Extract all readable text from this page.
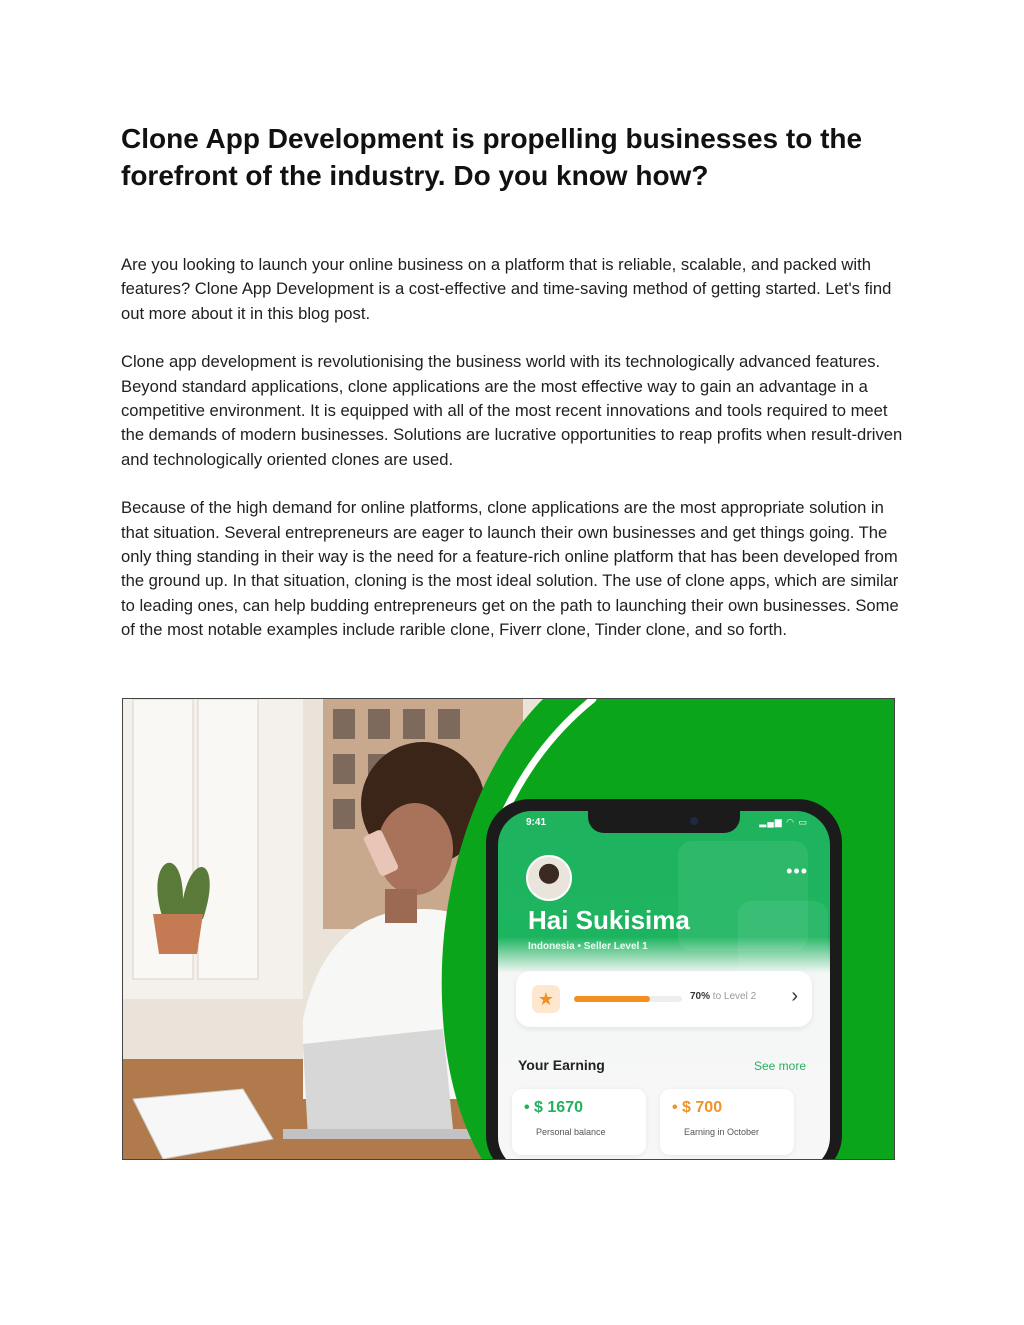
Clone App Development is propelling businesses to the forefront of the industry. Do you know how?

Are you looking to launch your online business on a platform that is reliable, scalable, and packed with features? Clone App Development is a cost-effective and time-saving method of getting started. Let's find out more about it in this blog post.

Clone app development is revolutionising the business world with its technologically advanced features. Beyond standard applications, clone applications are the most effective way to gain an advantage in a competitive environment. It is equipped with all of the most recent innovations and tools required to meet the demands of modern businesses. Solutions are lucrative opportunities to reap profits when result-driven and technologically oriented clones are used.

Because of the high demand for online platforms, clone applications are the most appropriate solution in that situation. Several entrepreneurs are eager to launch their own businesses and get things going. The only thing standing in their way is the need for a feature-rich online platform that has been developed from the ground up. In that situation, cloning is the most ideal solution. The use of clone apps, which are similar to leading ones, can help budding entrepreneurs get on the path to launching their own businesses. Some of the most notable examples include rarible clone, Fiverr clone, Tinder clone, and so forth.

9:41	▂▄▆ ◠ ▭
•••
Hai Sukisima
Indonesia • Seller Level 1
★	70% to Level 2 ›
Your Earning	See more
• $ 1670
Personal balance
• $ 700
Earning in October
